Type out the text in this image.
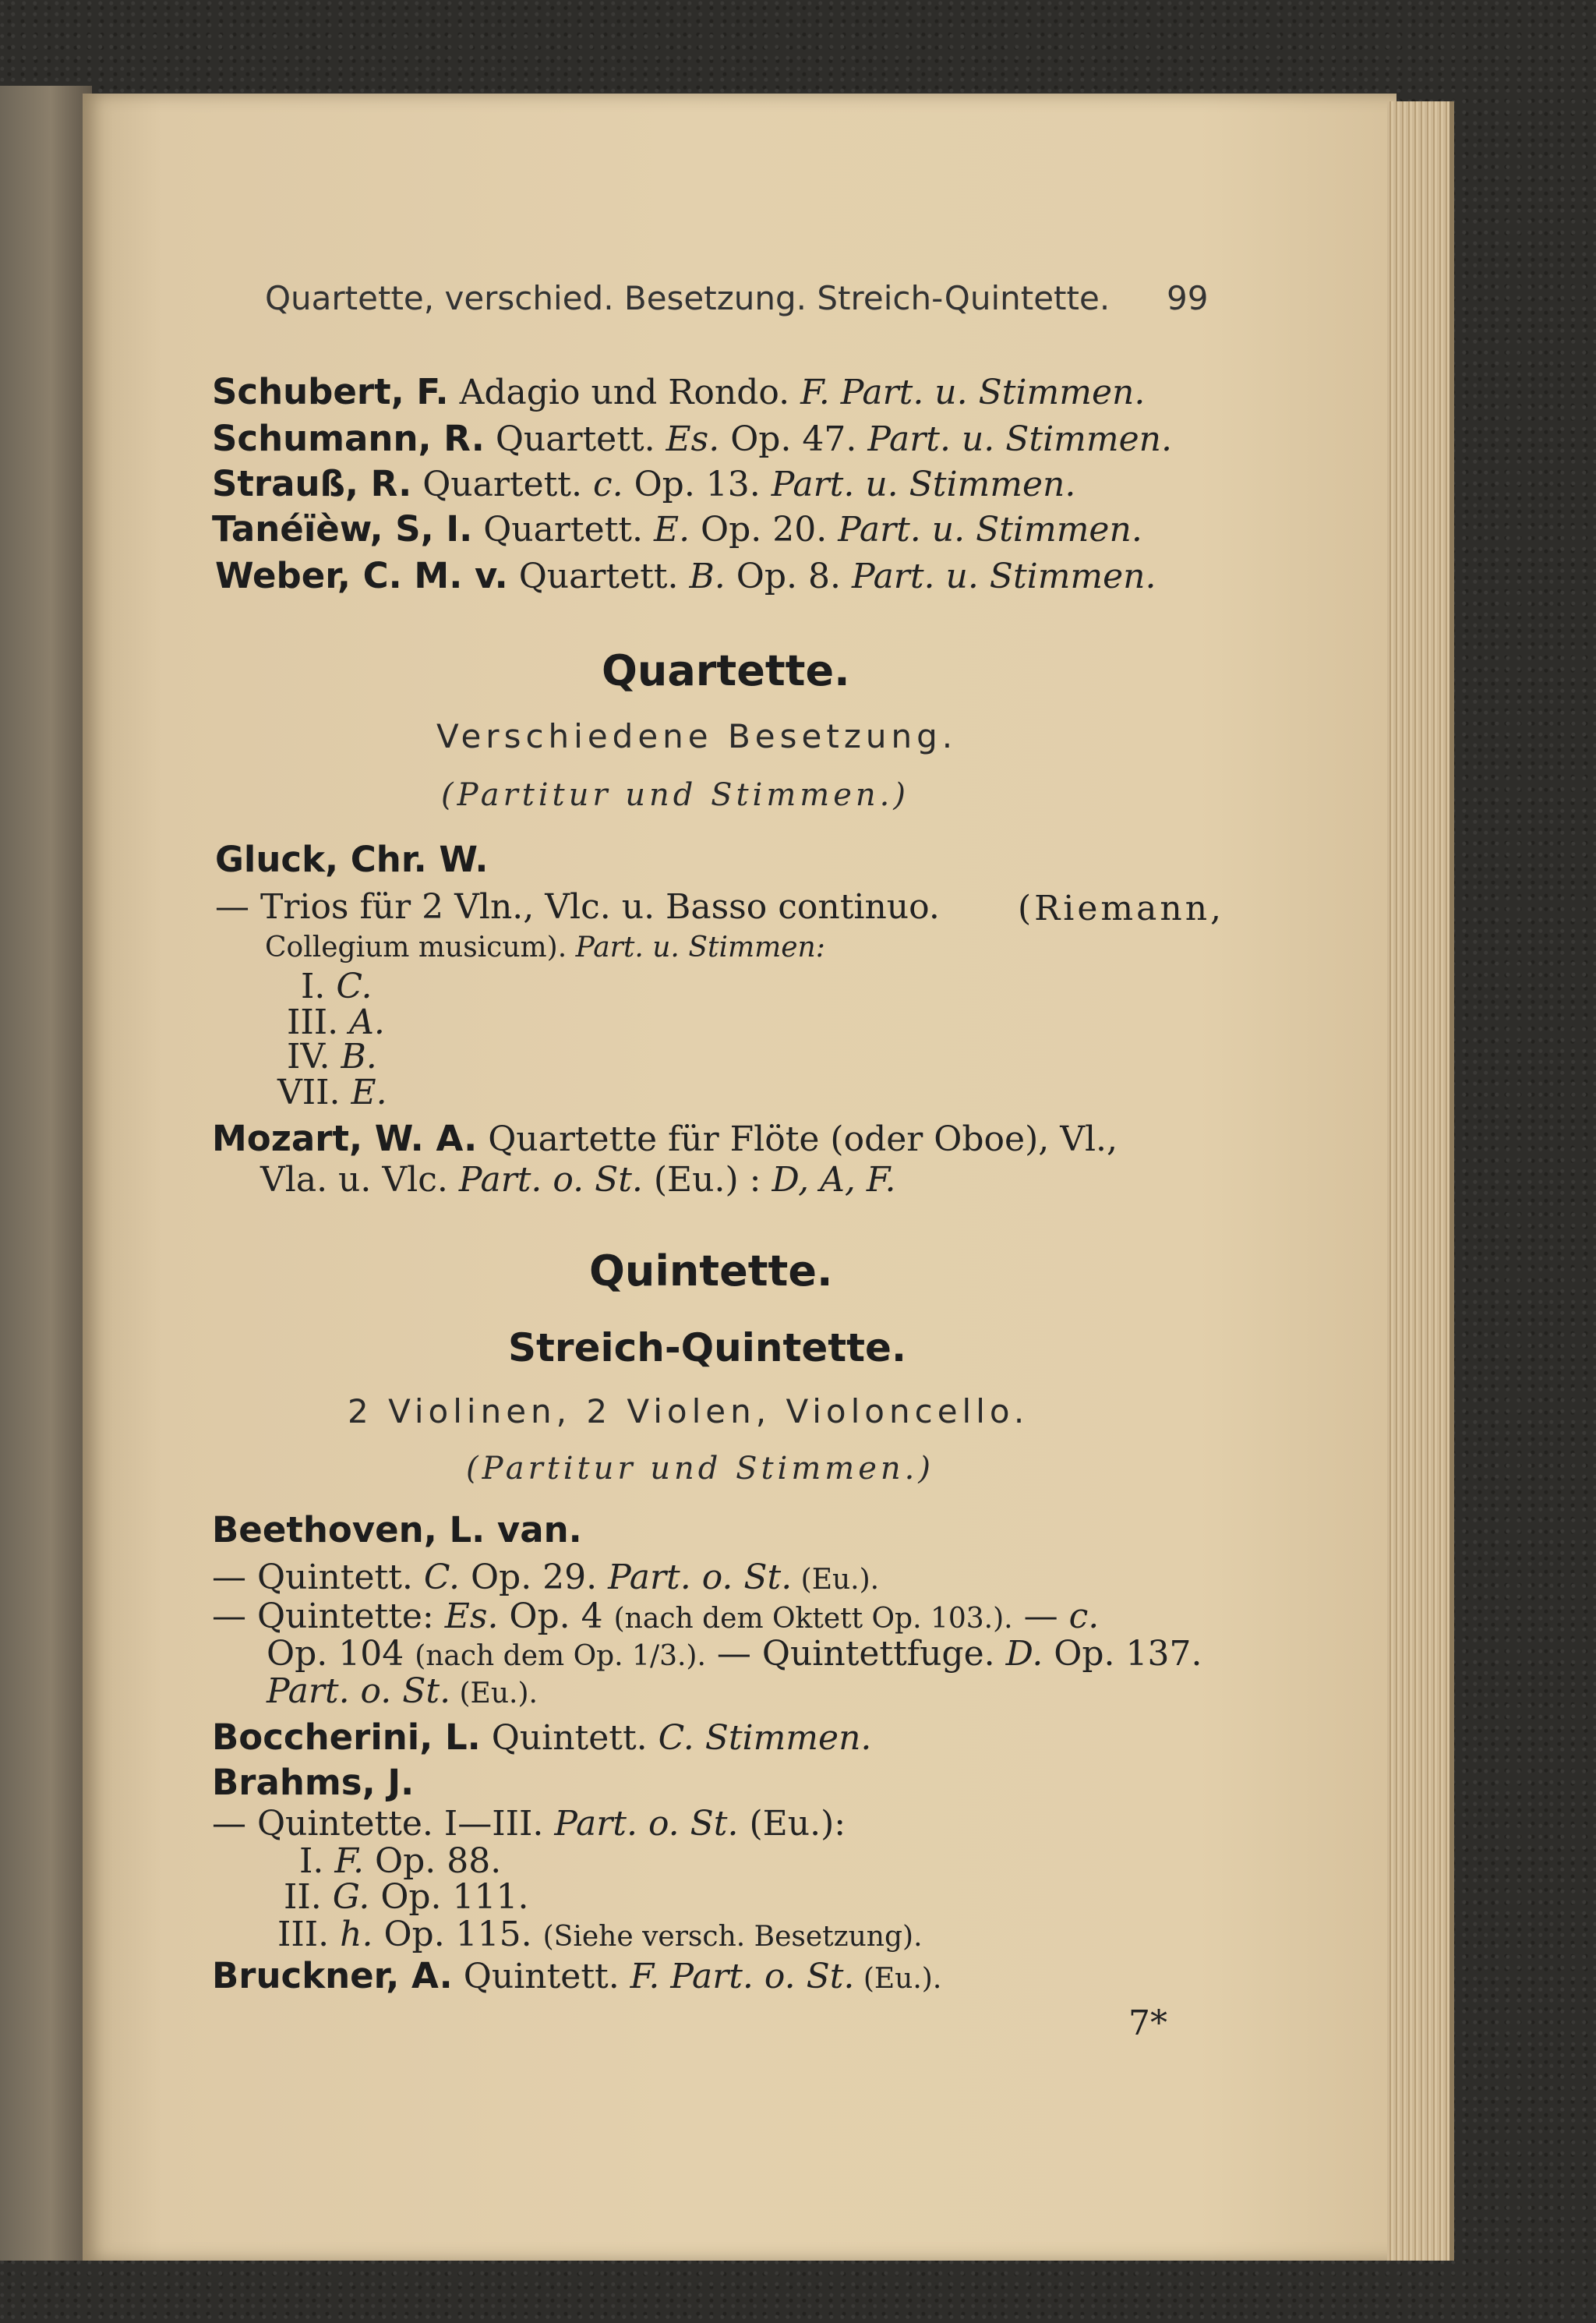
Quartette, verschied. Besetzung. Streich-Quintette. 99
Schubert, F. Adagio und Rondo. F. Part. u. Stimmen.
Schumann, R. Quartett. Es. Op. 47. Part. u. Stimmen.
Strauß, R. Quartett. c. Op. 13. Part. u. Stimmen.
Tanéïèw, S, I. Quartett. E. Op. 20. Part. u. Stimmen.
Weber, C. M. v. Quartett. B. Op. 8. Part. u. Stimmen.
Quartette.
Verschiedene Besetzung.
(Partitur und Stimmen.)
Gluck, Chr. W.
— Trios für 2 Vln., Vlc. u. Basso continuo. (Riemann,
Collegium musicum). Part. u. Stimmen:
I. C.
III. A.
IV. B.
VII. E.
Mozart, W. A. Quartette für Flöte (oder Oboe), Vl.,
Vla. u. Vlc. Part. o. St. (Eu.) : D, A, F.
Quintette.
Streich-Quintette.
2 Violinen, 2 Violen, Violoncello.
(Partitur und Stimmen.)
Beethoven, L. van.
— Quintett. C. Op. 29. Part. o. St. (Eu.).
— Quintette: Es. Op. 4 (nach dem Oktett Op. 103.). — c.
Op. 104 (nach dem Op. 1/3.). — Quintettfuge. D. Op. 137.
Part. o. St. (Eu.).
Boccherini, L. Quintett. C. Stimmen.
Brahms, J.
— Quintette. I—III. Part. o. St. (Eu.):
I. F. Op. 88.
II. G. Op. 111.
III. h. Op. 115. (Siehe versch. Besetzung).
Bruckner, A. Quintett. F. Part. o. St. (Eu.).
7*
